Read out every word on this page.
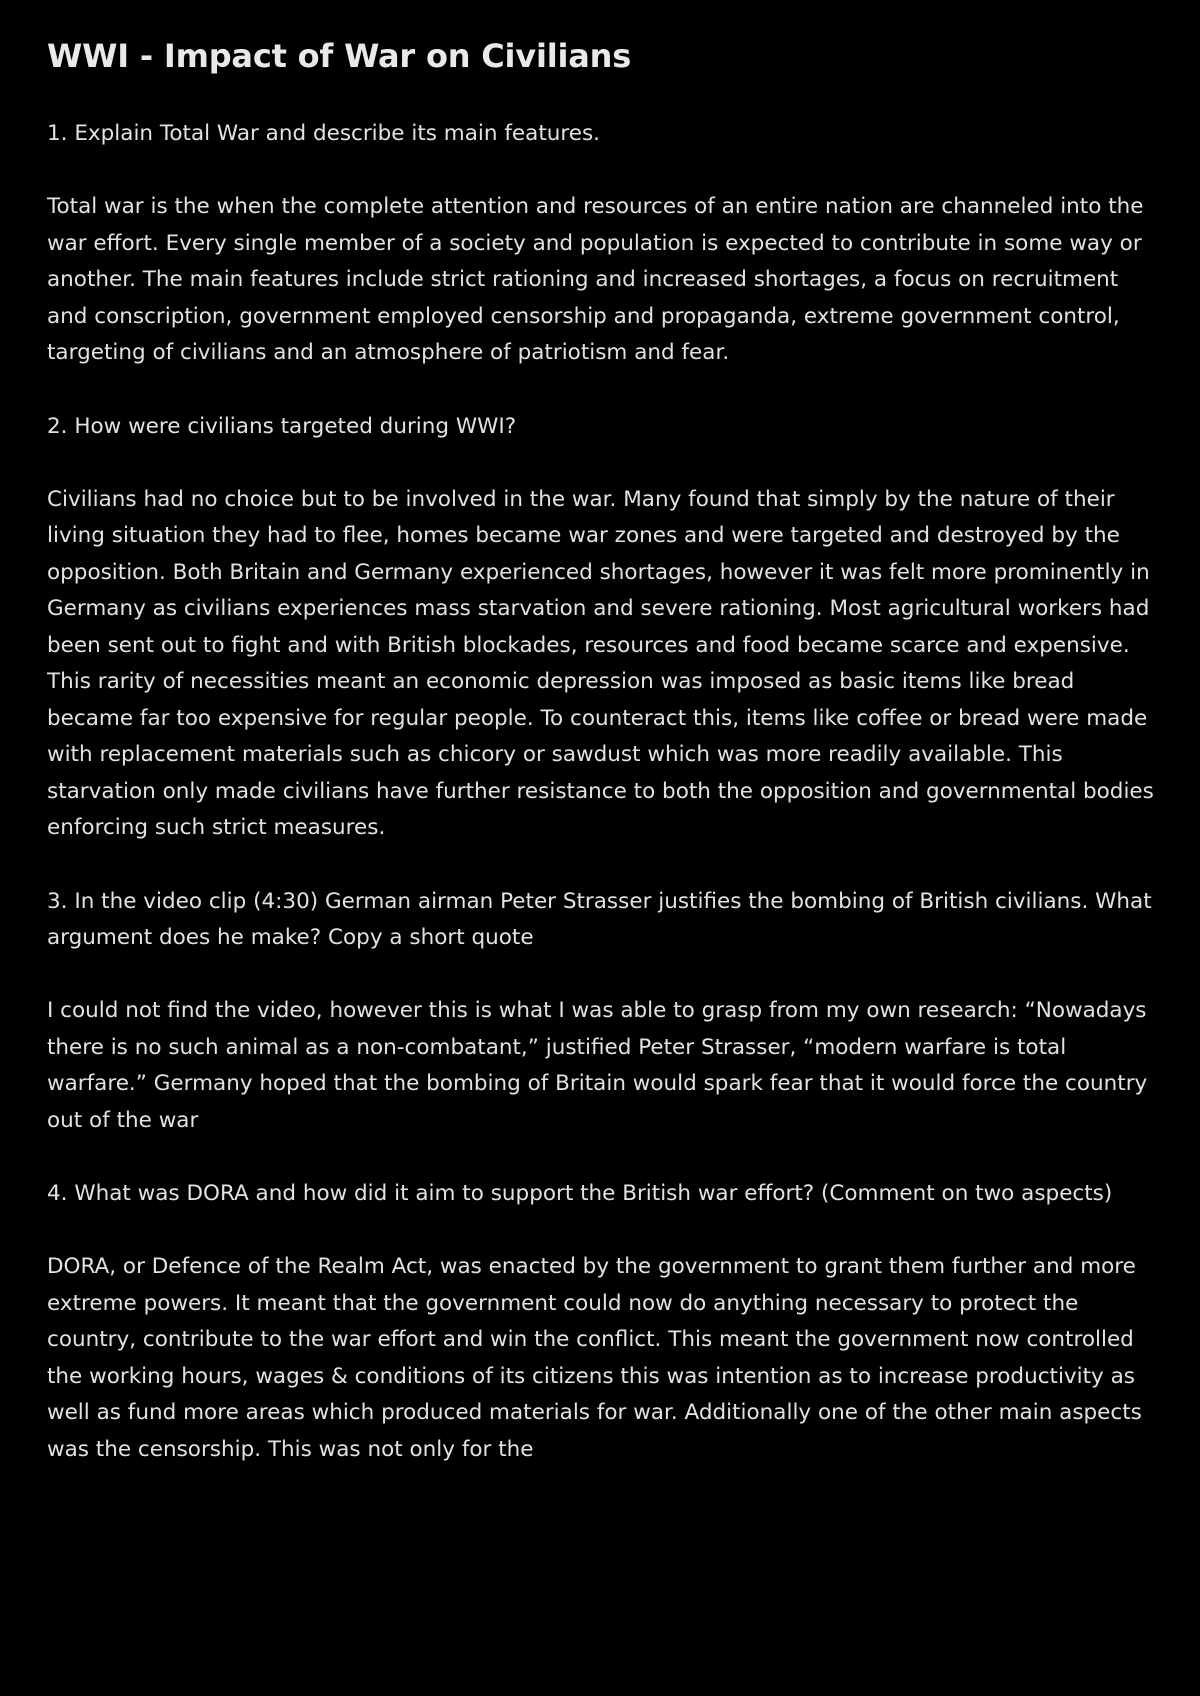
WWI - Impact of War on Civilians

1. Explain Total War and describe its main features.

Total war is the when the complete attention and resources of an entire nation are channeled into the war effort. Every single member of a society and population is expected to contribute in some way or another. The main features include strict rationing and increased shortages, a focus on recruitment and conscription, government employed censorship and propaganda, extreme government control, targeting of civilians and an atmosphere of patriotism and fear.

2. How were civilians targeted during WWI?

Civilians had no choice but to be involved in the war. Many found that simply by the nature of their living situation they had to flee, homes became war zones and were targeted and destroyed by the opposition. Both Britain and Germany experienced shortages, however it was felt more prominently in Germany as civilians experiences mass starvation and severe rationing. Most agricultural workers had been sent out to fight and with British blockades, resources and food became scarce and expensive. This rarity of necessities meant an economic depression was imposed as basic items like bread became far too expensive for regular people. To counteract this, items like coffee or bread were made with replacement materials such as chicory or sawdust which was more readily available. This starvation only made civilians have further resistance to both the opposition and governmental bodies enforcing such strict measures.

3. In the video clip (4:30) German airman Peter Strasser justifies the bombing of British civilians. What argument does he make? Copy a short quote

I could not find the video, however this is what I was able to grasp from my own research: “Nowadays there is no such animal as a non-combatant,” justified Peter Strasser, “modern warfare is total warfare.” Germany hoped that the bombing of Britain would spark fear that it would force the country out of the war

4. What was DORA and how did it aim to support the British war effort? (Comment on two aspects)

DORA, or Defence of the Realm Act, was enacted by the government to grant them further and more extreme powers. It meant that the government could now do anything necessary to protect the country, contribute to the war effort and win the conflict. This meant the government now controlled the working hours, wages & conditions of its citizens this was intention as to increase productivity as well as fund more areas which produced materials for war. Additionally one of the other main aspects was the censorship. This was not only for the
